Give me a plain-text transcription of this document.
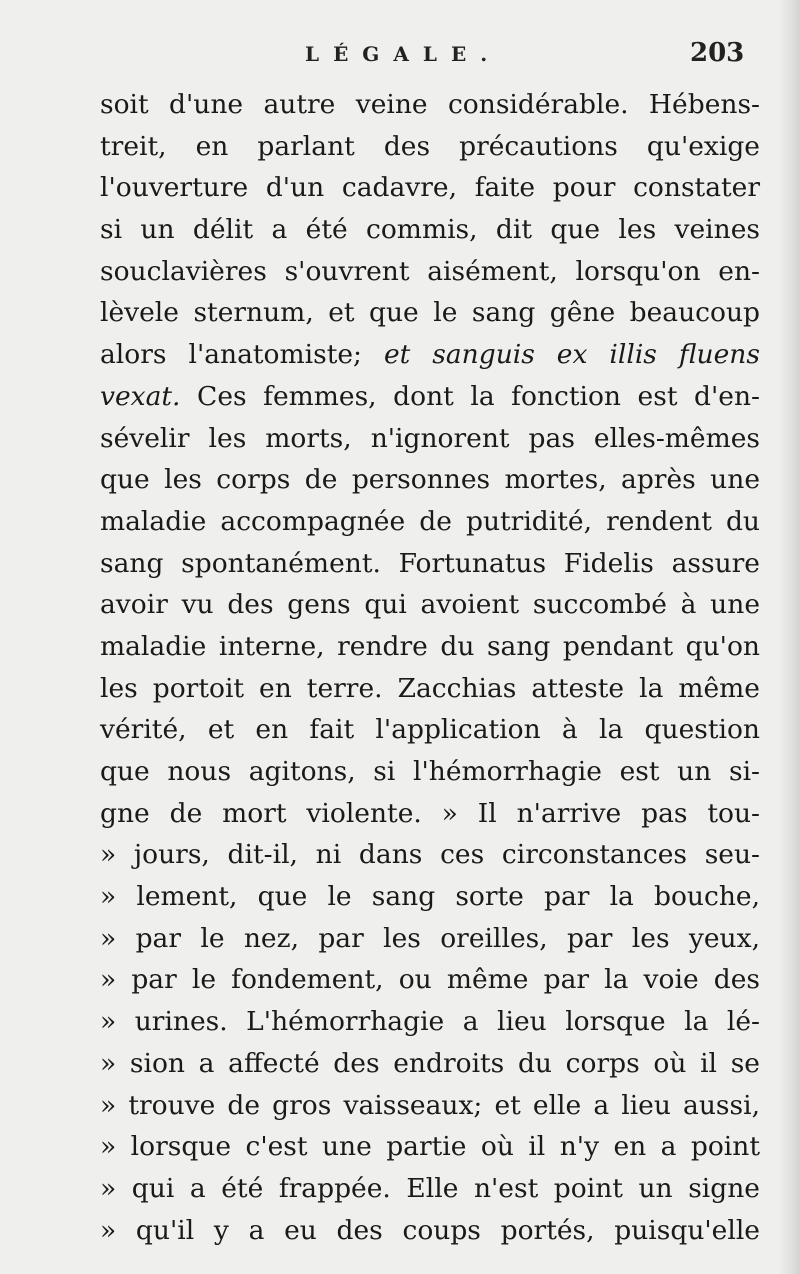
LÉGALE.	203
soit d'une autre veine considérable. Hébens-
treit, en parlant des précautions qu'exige
l'ouverture d'un cadavre, faite pour constater
si un délit a été commis, dit que les veines
souclavières s'ouvrent aisément, lorsqu'on en-
lèvele sternum, et que le sang gêne beaucoup
alors l'anatomiste; et sanguis ex illis fluens
vexat. Ces femmes, dont la fonction est d'en-
sévelir les morts, n'ignorent pas elles-mêmes
que les corps de personnes mortes, après une
maladie accompagnée de putridité, rendent du
sang spontanément. Fortunatus Fidelis assure
avoir vu des gens qui avoient succombé à une
maladie interne, rendre du sang pendant qu'on
les portoit en terre. Zacchias atteste la même
vérité, et en fait l'application à la question
que nous agitons, si l'hémorrhagie est un si-
gne de mort violente. » Il n'arrive pas tou-
» jours, dit-il, ni dans ces circonstances seu-
» lement, que le sang sorte par la bouche,
» par le nez, par les oreilles, par les yeux,
» par le fondement, ou même par la voie des
» urines. L'hémorrhagie a lieu lorsque la lé-
» sion a affecté des endroits du corps où il se
» trouve de gros vaisseaux; et elle a lieu aussi,
» lorsque c'est une partie où il n'y en a point
» qui a été frappée. Elle n'est point un signe
» qu'il y a eu des coups portés, puisqu'elle
